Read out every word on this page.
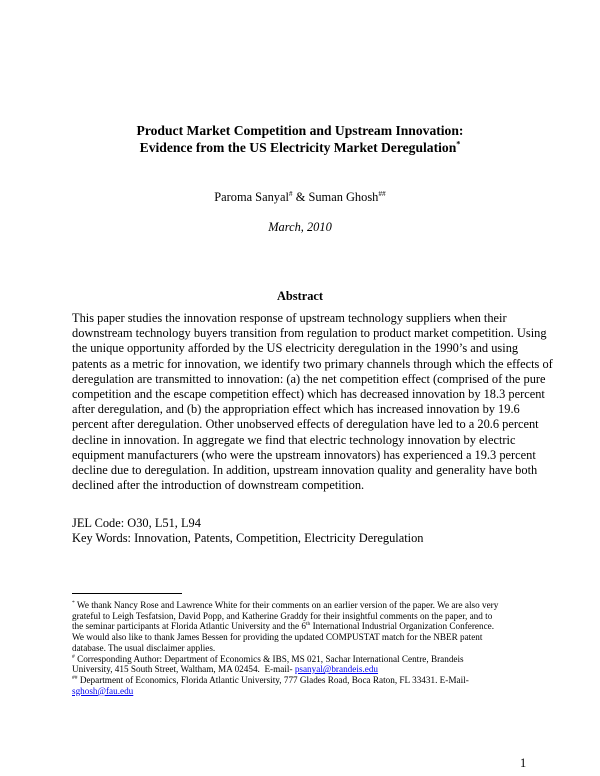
Product Market Competition and Upstream Innovation:
Evidence from the US Electricity Market Deregulation*
Paroma Sanyal# & Suman Ghosh##
March, 2010
Abstract
This paper studies the innovation response of upstream technology suppliers when their
downstream technology buyers transition from regulation to product market competition. Using
the unique opportunity afforded by the US electricity deregulation in the 1990’s and using
patents as a metric for innovation, we identify two primary channels through which the effects of
deregulation are transmitted to innovation: (a) the net competition effect (comprised of the pure
competition and the escape competition effect) which has decreased innovation by 18.3 percent
after deregulation, and (b) the appropriation effect which has increased innovation by 19.6
percent after deregulation. Other unobserved effects of deregulation have led to a 20.6 percent
decline in innovation. In aggregate we find that electric technology innovation by electric
equipment manufacturers (who were the upstream innovators) has experienced a 19.3 percent
decline due to deregulation. In addition, upstream innovation quality and generality have both
declined after the introduction of downstream competition.
JEL Code: O30, L51, L94
Key Words: Innovation, Patents, Competition, Electricity Deregulation
* We thank Nancy Rose and Lawrence White for their comments on an earlier version of the paper. We are also very
grateful to Leigh Tesfatsion, David Popp, and Katherine Graddy for their insightful comments on the paper, and to
the seminar participants at Florida Atlantic University and the 6th International Industrial Organization Conference.
We would also like to thank James Bessen for providing the updated COMPUSTAT match for the NBER patent
database. The usual disclaimer applies.
# Corresponding Author: Department of Economics & IBS, MS 021, Sachar International Centre, Brandeis
University, 415 South Street, Waltham, MA 02454.  E-mail- psanyal@brandeis.edu
## Department of Economics, Florida Atlantic University, 777 Glades Road, Boca Raton, FL 33431. E-Mail-
sghosh@fau.edu
1
